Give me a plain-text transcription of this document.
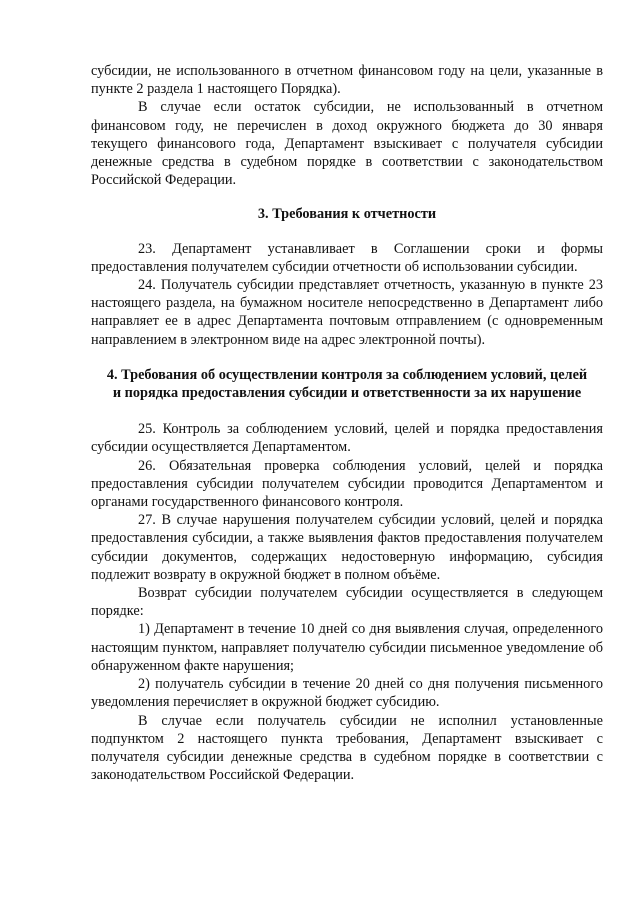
субсидии, не использованного в отчетном финансовом году на цели, указанные в пункте 2 раздела 1 настоящего Порядка).

В случае если остаток субсидии, не использованный в отчетном финансовом году, не перечислен в доход окружного бюджета до 30 января текущего финансового года, Департамент взыскивает с получателя субсидии денежные средства в судебном порядке в соответствии с законодательством Российской Федерации.

3. Требования к отчетности

23. Департамент устанавливает в Соглашении сроки и формы предоставления получателем субсидии отчетности об использовании субсидии.

24. Получатель субсидии представляет отчетность, указанную в пункте 23 настоящего раздела, на бумажном носителе непосредственно в Департамент либо направляет ее в адрес Департамента почтовым отправлением (с одновременным направлением в электронном виде на адрес электронной почты).

4. Требования об осуществлении контроля за соблюдением условий, целей
и порядка предоставления субсидии и ответственности за их нарушение

25. Контроль за соблюдением условий, целей и порядка предоставления субсидии осуществляется Департаментом.

26. Обязательная проверка соблюдения условий, целей и порядка предоставления субсидии получателем субсидии проводится Департаментом и органами государственного финансового контроля.

27. В случае нарушения получателем субсидии условий, целей и порядка предоставления субсидии, а также выявления фактов предоставления получателем субсидии документов, содержащих недостоверную информацию, субсидия подлежит возврату в окружной бюджет в полном объёме.

Возврат субсидии получателем субсидии осуществляется в следующем порядке:

1) Департамент в течение 10 дней со дня выявления случая, определенного настоящим пунктом, направляет получателю субсидии письменное уведомление об обнаруженном факте нарушения;

2) получатель субсидии в течение 20 дней со дня получения письменного уведомления перечисляет в окружной бюджет субсидию.

В случае если получатель субсидии не исполнил установленные подпунктом 2 настоящего пункта требования, Департамент взыскивает с получателя субсидии денежные средства в судебном порядке в соответствии с законодательством Российской Федерации.
